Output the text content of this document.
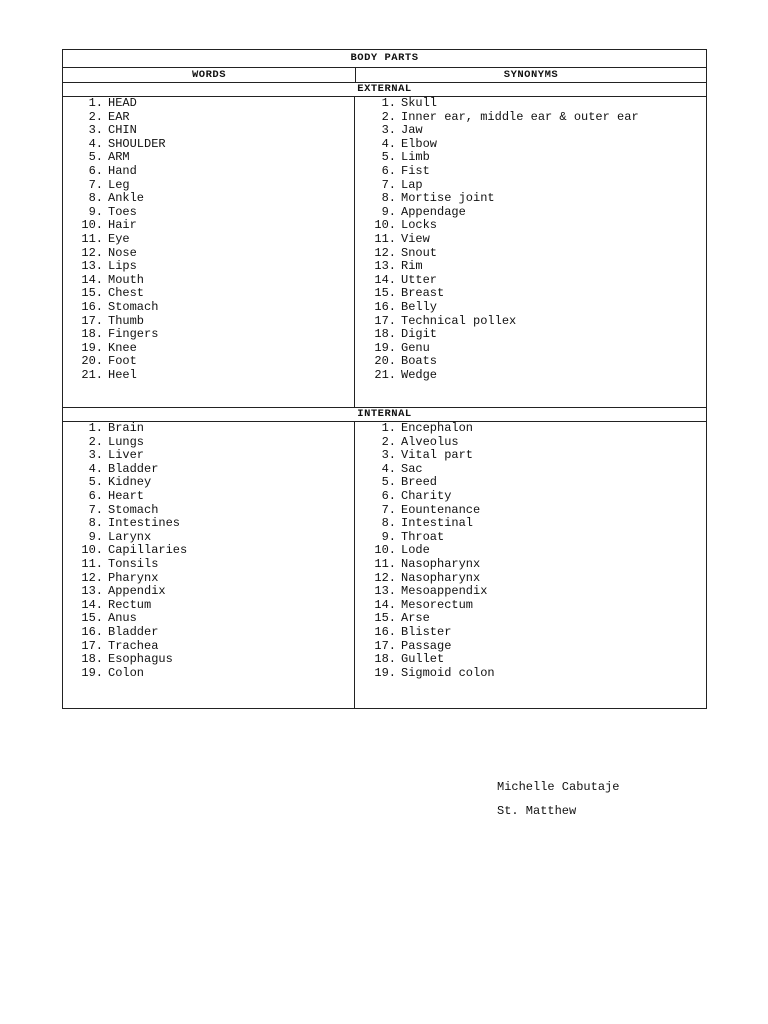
BODY PARTS
WORDS	SYNONYMS
EXTERNAL
1. HEAD
2. EAR
3. CHIN
4. SHOULDER
5. ARM
6. Hand
7. Leg
8. Ankle
9. Toes
10. Hair
11. Eye
12. Nose
13. Lips
14. Mouth
15. Chest
16. Stomach
17. Thumb
18. Fingers
19. Knee
20. Foot
21. Heel
1. Skull
2. Inner ear, middle ear & outer ear
3. Jaw
4. Elbow
5. Limb
6. Fist
7. Lap
8. Mortise joint
9. Appendage
10. Locks
11. View
12. Snout
13. Rim
14. Utter
15. Breast
16. Belly
17. Technical pollex
18. Digit
19. Genu
20. Boats
21. Wedge
INTERNAL
1. Brain
2. Lungs
3. Liver
4. Bladder
5. Kidney
6. Heart
7. Stomach
8. Intestines
9. Larynx
10. Capillaries
11. Tonsils
12. Pharynx
13. Appendix
14. Rectum
15. Anus
16. Bladder
17. Trachea
18. Esophagus
19. Colon
1. Encephalon
2. Alveolus
3. Vital part
4. Sac
5. Breed
6. Charity
7. Eountenance
8. Intestinal
9. Throat
10. Lode
11. Nasopharynx
12. Nasopharynx
13. Mesoappendix
14. Mesorectum
15. Arse
16. Blister
17. Passage
18. Gullet
19. Sigmoid colon
Michelle Cabutaje
St. Matthew
